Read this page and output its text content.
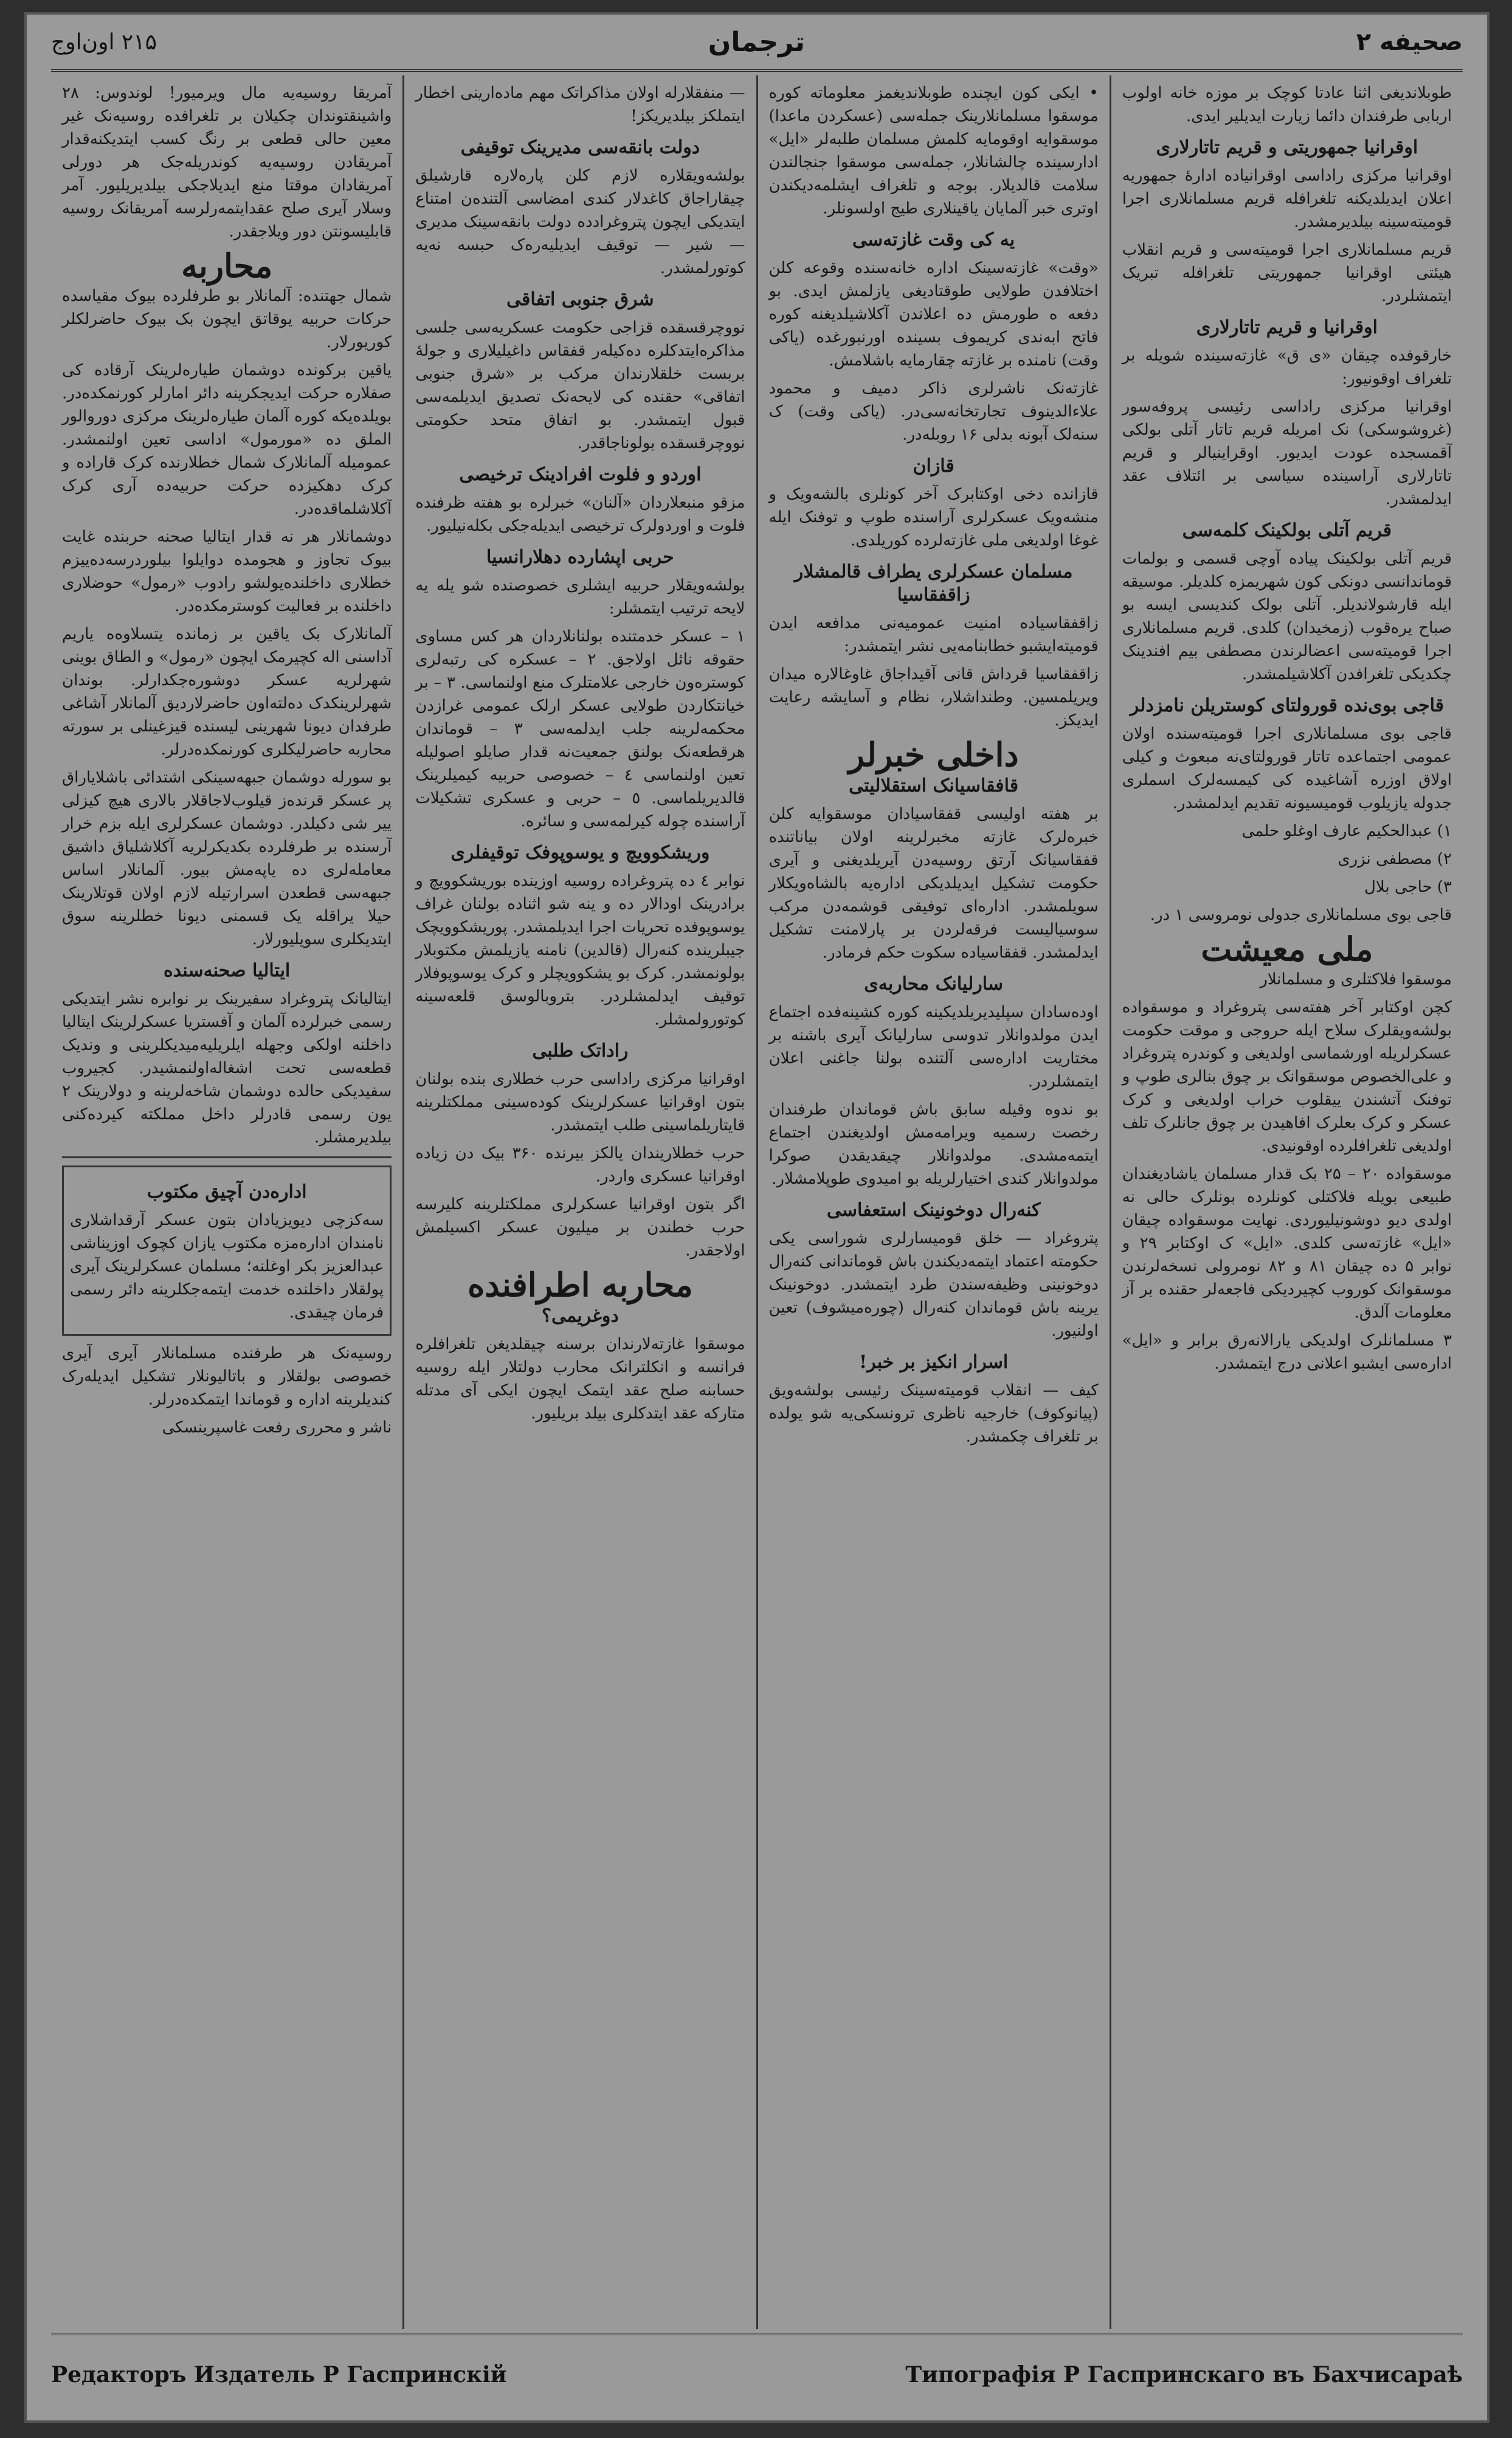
صحیفه ۲
ترجمان
۲۱۵ اون‌اوج

طوبلاندیغی اثنا عادتا کوچک بر موزه خانه اولوب اربابی طرفندان دائما زیارت ایدیلیر ایدی.

اوقرانیا جمهوریتی و قریم تاتارلاری

اوقرانیا مرکزی راداسی اوقرانیاده ادارهٔ جمهوریه اعلان ایدیلدیکنه تلغرافله قریم مسلمانلاری اجرا قومیته‌سینه بیلدیرمشدر.

قریم مسلمانلاری اجرا قومیته‌سی و قریم انقلاب هیئتی اوقرانیا جمهوریتی تلغرافله تبریک ایتمشلردر.

اوقرانیا و قریم تاتارلاری

خارقوفده چیقان «ی ق» غازته‌سینده شویله بر تلغراف اوقونیور:

اوقرانیا مرکزی راداسی رئیسی پروفه‌سور (غروشوسکی) نک امریله قریم تاتار آتلی بولکی آقمسجده عودت ایدیور. اوقراینیالر و قریم تاتارلاری آراسینده سیاسی بر ائتلاف عقد ایدلمشدر.

قریم آتلی بولکینک کلمه‌سی

قریم آتلی بولکینک پیاده آوچی قسمی و بولمات قوماندانسی دونکی کون شهریمزه کلدیلر. موسیقه ایله قارشولاندیلر. آتلی بولک کندیسی ایسه بو صباح یره‌قوب (زمخیدان) کلدی. قریم مسلمانلاری اجرا قومیته‌سی اعضالرندن مصطفی بیم افندینک چکدیکی تلغرافدن آکلاشیلمشدر.

قاجی بوی‌نده قورولتای کوستریلن نامزدلر

قاجی بوی مسلمانلاری اجرا قومیته‌سنده اولان عمومی اجتماعده تاتار قورولتای‌نه مبعوث و کیلی اولاق اوزره آشاغیده کی کیمسه‌لرک اسملری جدوله یازیلوب قومیسیونه تقدیم ایدلمشدر.

۱) عبدالحکیم عارف اوغلو حلمی

۲) مصطفی نزری

۳) حاجی بلال

قاجی بوی مسلمانلاری جدولی نومروسی ۱ در.

ملی معیشت

موسقوا فلاکتلری و مسلمانلار

کچن اوکتابر آخر هفته‌سی پتروغراد و موسقواده بولشه‌ویقلرک سلاح ایله حروجی و موقت حکومت عسکرلریله اورشماسی اولدیغی و کوندره پتروغراد و علی‌الخصوص موسقوانک بر چوق بنالری طوپ و توفنک آتشندن ییقلوب خراب اولدیغی و کرک عسکر و کرک بعلرک افاهیدن بر چوق جانلرک تلف اولدیغی تلغرافلرده اوقونیدی.

موسقواده ۲۰ – ۲۵ بک قدار مسلمان یاشادیغندان طبیعی بویله فلاکتلی کونلرده بونلرک حالی نه اولدی دیو دوشونیلیوردی. نهایت موسقواده چیقان «ایل» غازته‌سی کلدی. «ایل» ک اوکتابر ۲۹ و نوابر ۵ ده چیقان ۸۱ و ۸۲ نومرولی نسخه‌لرندن موسقوانک کوروب کچیردیکی فاجعه‌لر حقنده بر آز معلومات آلدق.

۳ مسلمانلرک اولدیکی یارالانه‌رق برابر و «ایل» اداره‌سی ایشبو اعلانی درج ایتمشدر.

• ایکی کون ایچنده طوبلاندیغمز معلوماته کوره موسقوا مسلمانلارینک جمله‌سی (عسکردن ماعدا) موسقوایه اوقومایه کلمش مسلمان طلبه‌لر «ایل» ادارسینده چالشانلار، جمله‌سی موسقوا جنجالندن سلامت قالدیلار. بوجه و تلغراف ایشلمه‌دیکندن اوتری خبر آلمایان یاقینلاری طیج اولسونلر.

یه کی وقت غازته‌سی

«وقت» غازته‌سینک اداره خانه‌سنده وقوعه کلن اختلافدن طولایی طوقتادیغی یازلمش ایدی. بو دفعه ه طورمش ده اعلاندن آکلاشیلدیغنه کوره فاتح ابه‌ندی کریموف بسینده اورنبورغده (یاکی وقت) نامنده بر غازته چقارمایه باشلامش.

غازته‌نک ناشرلری ذاکر دمیف و محمود علاءالدینوف تجارتخانه‌سی‌در. (یاکی وقت) ک سنه‌لک آبونه بدلی ۱۶ روبله‌در.

قازان

قازانده دخی اوکتابرک آخر کونلری بالشه‌ویک و منشه‌ویک عسکرلری آراسنده طوپ و توفنک ایله غوغا اولدیغی ملی غازته‌لرده کوریلدی.

مسلمان عسکرلری یطراف قالمشلار زاقفقاسیا

زاقفقاسیاده امنیت عمومیه‌نی مدافعه ایدن قومیته‌ایشبو خطابنامه‌یی نشر ایتمشدر:

زاقفقاسیا قرداش قانی آقیداجاق غاوغالاره میدان ویریلمسین. وطنداشلار، نظام و آسایشه رعایت ایدیکز.

داخلی خبرلر
قافقاسیانک استقلالیتی

بر هفته اولیسی قفقاسیادان موسقوایه کلن خبره‌لرک غازته مخبرلرینه اولان بیاناتنده قفقاسیانک آرتق روسیه‌دن آیریلدیغنی و آیری حکومت تشکیل ایدیلدیکی اداره‌یه بالشاه‌ویکلار سویلمشدر. اداره‌ای توفیقی قوشمه‌دن مرکب سوسیالیست فرقه‌لردن بر پارلامنت تشکیل ایدلمشدر. قفقاسیاده سکوت حکم فرمادر.

سارلیانک محاربه‌ی

اوده‌سادان سپلیدیریلدیکینه کوره کشینه‌فده اجتماع ایدن مولدوانلار تدوسی سارلیانک آیری باشنه بر مختاریت اداره‌سی آلتنده بولنا جاغنی اعلان ایتمشلردر.

بو ندوه وقیله سابق باش قوماندان طرفندان رخصت رسمیه ویرامه‌مش اولدیغندن اجتماع ایتمه‌مشدی. مولدوانلار چیقدیقدن صوکرا مولدوانلار کندی اختیارلریله بو امیدوی طوپلامشلار.

کنه‌رال دوخونینک استعفاسی

پتروغراد — خلق قومیسارلری شوراسی یکی حکومته اعتماد ایتمه‌دیکندن باش قوماندانی کنه‌رال دوخونینی وظیفه‌سندن طرد ایتمشدر. دوخونینک یرینه باش قوماندان کنه‌رال (چوره‌میشوف) تعین اولنیور.

اسرار انکیز بر خبر!

کیف — انقلاب قومیته‌سینک رئیسی بولشه‌ویق (پیانوکوف) خارجیه ناظری ترونسکی‌یه شو یولده بر تلغراف چکمشدر.

— منفقلارله اولان مذاکراتک مهم ماده‌ارینی اخطار ایتملکز بیلدیریکز!

دولت بانقه‌سی مدیرینک توقیفی

بولشه‌ویقلاره لازم کلن پاره‌لاره قارشیلق چیقاراجاق کاغدلار کندی امضاسی آلتنده‌ن امتناع ایتدیکی ایچون پتروغرادده دولت بانقه‌سینک مدیری — شیر — توقیف ایدیلیه‌ره‌ک حبسه نه‌یه کوتورلمشدر.

شرق جنوبی اتفاقی

نووچرقسقده قزاجی حکومت عسکریه‌سی جلسی مذاکره‌ایتدکلره ده‌کیله‌ر قفقاس داغیلیلاری و جولهٔ بربست خلقلارندان مرکب بر «شرق جنوبی اتفاقی» حقنده کی لایحه‌نک تصدیق ایدیلمه‌سی قبول ایتمشدر. بو اتفاق متحد حکومتی نووچرقسقده بولوناجاقدر.

اوردو و فلوت افرادینک ترخیصی

مزقو منبعلاردان «آلنان» خبرلره بو هفته ظرفنده فلوت و اوردولرک ترخیصی ایدیله‌جکی بکله‌نیلیور.

حربی اپشارده دهلارانسیا

بولشه‌ویقلار حربیه ایشلری خصوصنده شو یله یه لایحه ترتیب ایتمشلر:

۱ – عسکر خدمتنده بولنانلاردان هر کس مساوی حقوقه نائل اولاجق. ۲ – عسکره کی رتبه‌لری کوستره‌ون خارجی علامتلرک منع اولنماسی. ۳ – بر خیانتکاردن طولایی عسکر ارلک عمومی غرازدن محکمه‌لرینه جلب ایدلمه‌سی ۳ – قوماندان هرقطعه‌نک بولنق جمعیت‌نه قدار صایلو اصولیله تعین اولنماسی ٤ – خصوصی حربیه کیمیلرینک قالدیریلماسی. ٥ – حربی و عسکری تشکیلات آراسنده چوله‌ کیرلمه‌سی و سائره.

وریشکوویچ و یوسوپوفک توقیفلری

نوابر ٤ ده پتروغراده روسیه اوزینده بوریشکوویچ و برادرینک اودالار ده و ینه شو اثناده بولنان غراف یوسوپوفده تحریات اجرا ایدیلمشدر. پوریشکوویچک جیبلرینده کنه‌رال (قالدین) نامنه یازیلمش مکتوبلار بولونمشدر. کرک بو یشکوویچلر و کرک یوسوپوفلار توقیف ایدلمشلردر. بتروبالوسق قلعه‌سینه کوتورولمشلر.

راداتک طلبی

اوقرانیا مرکزی راداسی حرب خطلاری بنده بولنان بتون اوقرانیا عسکرلرینک کوده‌سینی مملکتلرینه قایتاریلماسینی طلب ایتمشدر.

حرب خطلاریندان یالکز بیرنده ۳۶۰ بیک دن زیاده اوقرانیا عسکری واردر.

اگر بتون اوقرانیا عسکرلری مملکتلرینه کلیرسه حرب خطندن بر میلیون عسکر اکسیلمش اولاجقدر.

محاربه اطرافنده
دوغریمی؟

موسقوا غازته‌لارندان برسنه چیقلدیغن تلغرافلره فرانسه و انکلترانک محارب دولتلار ایله روسیه حسابنه صلح عقد ایتمک ایچون ایکی آی مدتله متارکه عقد ایتدکلری بیلد بریلیور.

آمریقا روسیه‌یه مال ویرمیور! لوندوس: ۲۸ واشینقتوندان چکیلان بر تلغرافده روسیه‌نک غیر معین حالی قطعی بر رنگ کسب ایتدیکنه‌قدار آمریقادن روسیه‌یه کوندریله‌جک هر دورلی آمریقادان موقتا منع ایدیلاجکی بیلدیریلیور. آمر وسلار آیری صلح عقدایتمه‌رلرسه آمریقانک روسیه قابلیسونتن دور ویلاجقدر.

محاربه

شمال جهتنده: آلمانلار بو طرفلرده بیوک مقیاسده حرکات حربیه یوقاتق ایچون بک بیوک حاضرلکلر کوریورلار.

یاقین برکونده دوشمان طیاره‌لرینک آرقاده کی صفلاره حرکت ایدیجکرینه دائر امارلر کورنمکده‌در. بویلده‌یکه کوره آلمان طیاره‌لرینک مرکزی دوروالور الملق ده «مورمول» اداسی تعین اولنمشدر. عمومیله آلمانلارک شمال خطلارنده کرک قاراده و کرک دهکیزده حرکت حربیه‌ده آری کرک آکلاشلماقده‌در.

دوشمانلار هر نه قدار ایتالیا صحنه حربنده غایت بیوک تجاوز و هجومده دوایلوا بیلوردرسه‌ده‌ییزم خطلاری داخلنده‌یولشو رادوب «رمول» حوضلاری داخلنده بر فعالیت کوسترمکده‌در.

آلمانلارک بک یاقین بر زمانده یتسلاوه‌ه یاریم آداسنی اله کچیرمک ایچون «رمول» و الطاق بوینی شهرلریه عسکر دوشوره‌جکدارلر. بوندان شهرلرینکدک ده‌لته‌اون حاضرلاردیق آلمانلار آشاغی طرفدان دیونا شهرینی لیسنده قیزغینلی بر سورته محاربه حاضرلیکلری کورنمکده‌درلر.

بو سورله دوشمان جبهه‌سینکی اشتدائی باشلایاراق پر عسکر قرنده‌ز قیلوب‌لاجاقلار بالاری هیچ کیزلی ییر شی دکیلدر. دوشمان عسکرلری ایله بزم خرار آرسنده بر طرفلرده بکدیکرلریه آکلاشلیاق داشیق معامله‌لری ده یاپه‌مش بیور. آلمانلار اساس جبهه‌سی قطعدن اسرارتیله لازم اولان قوتلارینک حیلا یراقله یک قسمنی دیونا خطلرینه سوق ایتدیکلری سویلیورلار.

ایتالیا صحنه‌سنده

ایتالیانک پتروغراد سفیرینک بر نوابره نشر ایتدیکی رسمی خبرلرده آلمان و آفستریا عسکرلرینک ایتالیا داخلنه اولکی وجهله ایلریلیه‌میدیکلرینی و وندیک قطعه‌سی تحت اشغاله‌اولنمشیدر. کجیروب سفیدیکی حالده دوشمان شاخه‌لرینه و دولارینک ۲ یون رسمی قادرلر داخل مملکته کیرده‌کنی بیلدیرمشلر.

اداره‌دن آچیق مکتوب

سه‌کزچی دیویزیادان بتون عسکر آرقداشلاری نامندان اداره‌مزه مکتوب یازان کچوک اوزیناشی عبدالعزیز بکر اوغلنه؛ مسلمان عسکرلرینک آیری پولقلار داخلنده خدمت ایتمه‌جکلرینه دائر رسمی فرمان چیقدی.

روسیه‌نک هر طرفنده مسلمانلار آیری آیری خصوصی بولقلار و باتالیونلار تشکیل ایدیله‌رک کندیلرینه اداره و قوماندا ایتمکده‌درلر.

ناشر و محرری رفعت غاسپرینسکی

Редакторъ Издатель Р Гаспринскій	Типографія Р Гаспринскаго въ Бахчисараѣ
